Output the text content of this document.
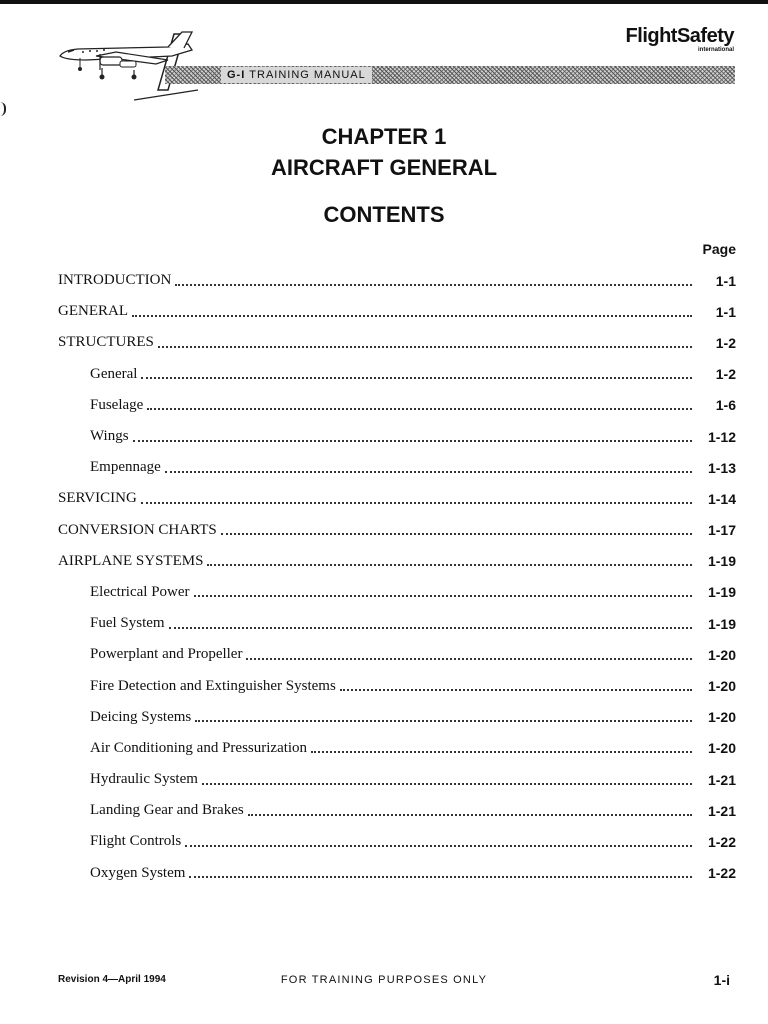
FlightSafety
international
G-I TRAINING MANUAL
CHAPTER 1
AIRCRAFT GENERAL
CONTENTS
Page
INTRODUCTION	1-1
GENERAL	1-1
STRUCTURES	1-2
General	1-2
Fuselage	1-6
Wings	1-12
Empennage	1-13
SERVICING	1-14
CONVERSION CHARTS	1-17
AIRPLANE SYSTEMS	1-19
Electrical Power	1-19
Fuel System	1-19
Powerplant and Propeller	1-20
Fire Detection and Extinguisher Systems	1-20
Deicing Systems	1-20
Air Conditioning and Pressurization	1-20
Hydraulic System	1-21
Landing Gear and Brakes	1-21
Flight Controls	1-22
Oxygen System	1-22
Revision 4—April 1994	FOR TRAINING PURPOSES ONLY	1-i
